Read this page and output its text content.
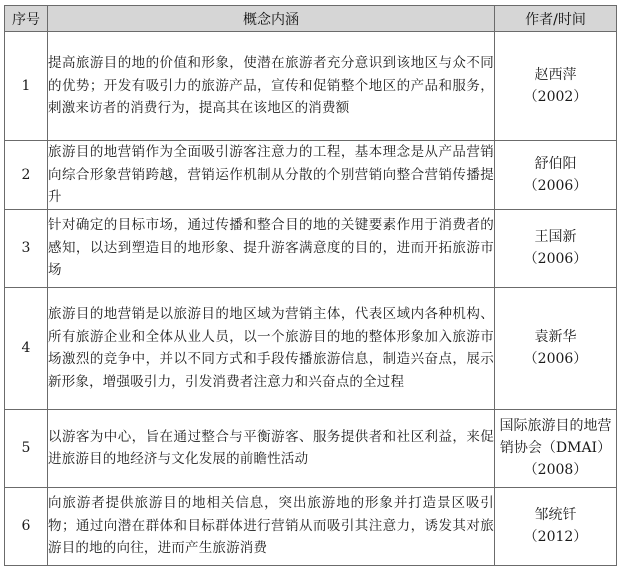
序号	概念内涵	作者/时间
1	提高旅游目的地的价值和形象，使潜在旅游者充分意识到该地区与众不同的优势；开发有吸引力的旅游产品，宣传和促销整个地区的产品和服务，刺激来访者的消费行为，提高其在该地区的消费额	赵西萍
（2002）

2	旅游目的地营销作为全面吸引游客注意力的工程，基本理念是从产品营销向综合形象营销跨越，营销运作机制从分散的个别营销向整合营销传播提升	舒伯阳
（2006）

3	针对确定的目标市场，通过传播和整合目的地的关键要素作用于消费者的感知，以达到塑造目的地形象、提升游客满意度的目的，进而开拓旅游市场	王国新
（2006）

4	旅游目的地营销是以旅游目的地区域为营销主体，代表区域内各种机构、所有旅游企业和全体从业人员，以一个旅游目的地的整体形象加入旅游市场激烈的竞争中，并以不同方式和手段传播旅游信息，制造兴奋点，展示新形象，增强吸引力，引发消费者注意力和兴奋点的全过程	袁新华
（2006）

5	以游客为中心，旨在通过整合与平衡游客、服务提供者和社区利益，来促进旅游目的地经济与文化发展的前瞻性活动	国际旅游目的地营销协会（DMAI）
（2008）

6	向旅游者提供旅游目的地相关信息，突出旅游地的形象并打造景区吸引物；通过向潜在群体和目标群体进行营销从而吸引其注意力，诱发其对旅游目的地的向往，进而产生旅游消费	邹统钎
（2012）
